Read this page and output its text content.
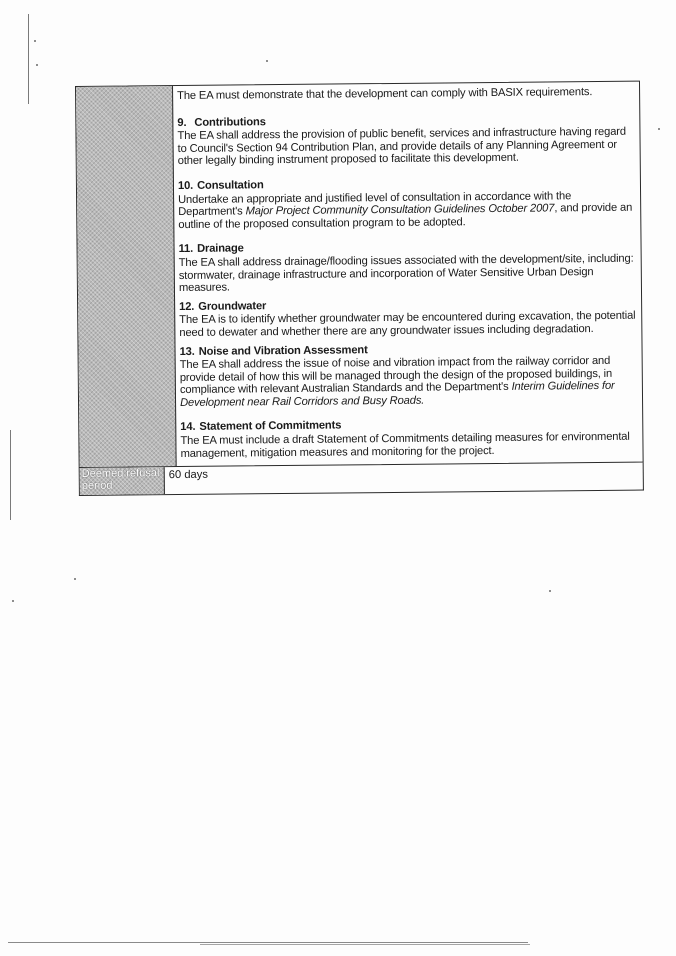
The EA must demonstrate that the development can comply with BASIX requirements.

9. Contributions

The EA shall address the provision of public benefit, services and infrastructure having regard to Council's Section 94 Contribution Plan, and provide details of any Planning Agreement or other legally binding instrument proposed to facilitate this development.

10. Consultation

Undertake an appropriate and justified level of consultation in accordance with the Department's Major Project Community Consultation Guidelines October 2007, and provide an outline of the proposed consultation program to be adopted.

11. Drainage

The EA shall address drainage/flooding issues associated with the development/site, including: stormwater, drainage infrastructure and incorporation of Water Sensitive Urban Design measures.

12. Groundwater

The EA is to identify whether groundwater may be encountered during excavation, the potential need to dewater and whether there are any groundwater issues including degradation.

13. Noise and Vibration Assessment

The EA shall address the issue of noise and vibration impact from the railway corridor and provide detail of how this will be managed through the design of the proposed buildings, in compliance with relevant Australian Standards and the Department's Interim Guidelines for Development near Rail Corridors and Busy Roads.

14. Statement of Commitments

The EA must include a draft Statement of Commitments detailing measures for environmental management, mitigation measures and monitoring for the project.

Deemed refusal period
60 days
